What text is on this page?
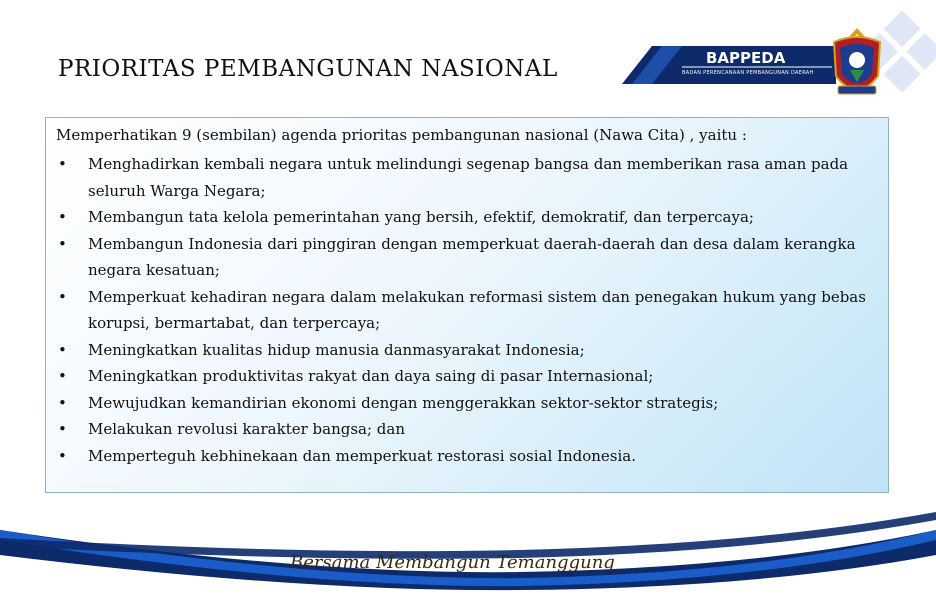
PRIORITAS PEMBANGUNAN NASIONAL	BAPPEDA
BADAN PERENCANAAN PEMBANGUNAN DAERAH
Memperhatikan 9 (sembilan) agenda prioritas pembangunan nasional (Nawa Cita) , yaitu :
• Menghadirkan kembali negara untuk melindungi segenap bangsa dan memberikan rasa aman pada seluruh Warga Negara;
• Membangun tata kelola pemerintahan yang bersih, efektif, demokratif, dan terpercaya;
• Membangun Indonesia dari pinggiran dengan memperkuat daerah-daerah dan desa dalam kerangka negara kesatuan;
• Memperkuat kehadiran negara dalam melakukan reformasi sistem dan penegakan hukum yang bebas korupsi, bermartabat, dan terpercaya;
• Meningkatkan kualitas hidup manusia danmasyarakat Indonesia;
• Meningkatkan produktivitas rakyat dan daya saing di pasar Internasional;
• Mewujudkan kemandirian ekonomi dengan menggerakkan sektor-sektor strategis;
• Melakukan revolusi karakter bangsa; dan
• Memperteguh kebhinekaan dan memperkuat restorasi sosial Indonesia.
Bersama Membangun Temanggung
